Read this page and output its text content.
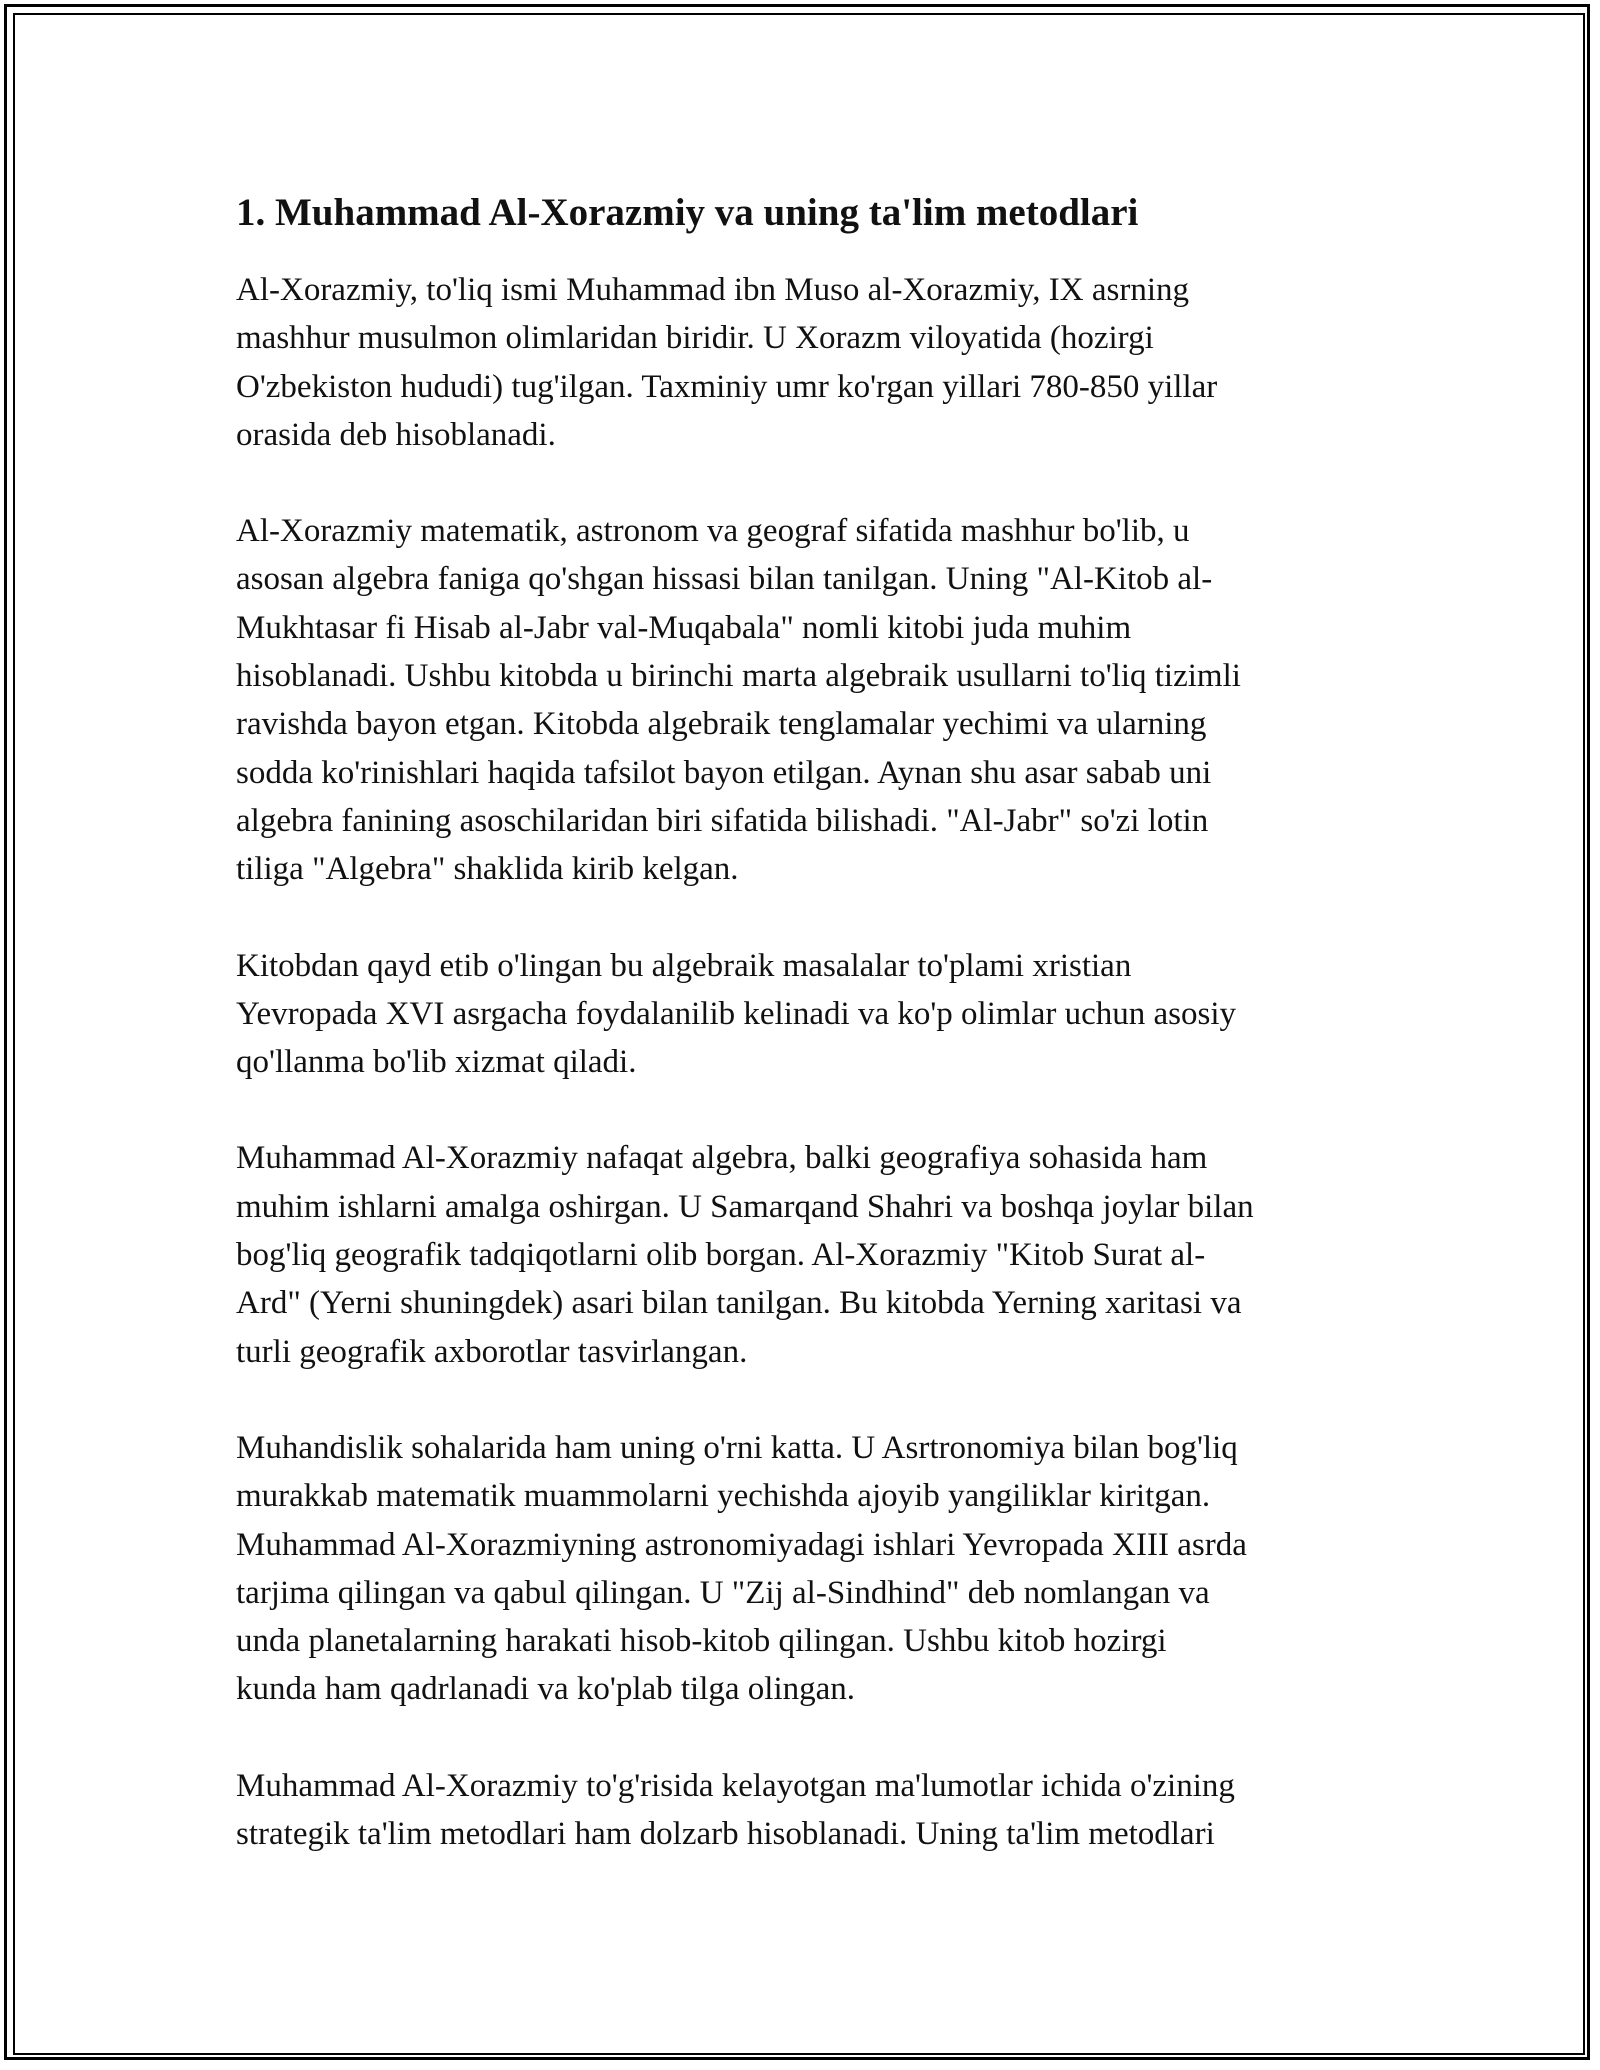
1. Muhammad Al-Xorazmiy va uning ta'lim metodlari

Al-Xorazmiy, to'liq ismi Muhammad ibn Muso al-Xorazmiy, IX asrning
mashhur musulmon olimlaridan biridir. U Xorazm viloyatida (hozirgi
O'zbekiston hududi) tug'ilgan. Taxminiy umr ko'rgan yillari 780-850 yillar
orasida deb hisoblanadi.

Al-Xorazmiy matematik, astronom va geograf sifatida mashhur bo'lib, u
asosan algebra faniga qo'shgan hissasi bilan tanilgan. Uning "Al-Kitob al-
Mukhtasar fi Hisab al-Jabr val-Muqabala" nomli kitobi juda muhim
hisoblanadi. Ushbu kitobda u birinchi marta algebraik usullarni to'liq tizimli
ravishda bayon etgan. Kitobda algebraik tenglamalar yechimi va ularning
sodda ko'rinishlari haqida tafsilot bayon etilgan. Aynan shu asar sabab uni
algebra fanining asoschilaridan biri sifatida bilishadi. "Al-Jabr" so'zi lotin
tiliga "Algebra" shaklida kirib kelgan.

Kitobdan qayd etib o'lingan bu algebraik masalalar to'plami xristian
Yevropada XVI asrgacha foydalanilib kelinadi va ko'p olimlar uchun asosiy
qo'llanma bo'lib xizmat qiladi.

Muhammad Al-Xorazmiy nafaqat algebra, balki geografiya sohasida ham
muhim ishlarni amalga oshirgan. U Samarqand Shahri va boshqa joylar bilan
bog'liq geografik tadqiqotlarni olib borgan. Al-Xorazmiy "Kitob Surat al-
Ard" (Yerni shuningdek) asari bilan tanilgan. Bu kitobda Yerning xaritasi va
turli geografik axborotlar tasvirlangan.

Muhandislik sohalarida ham uning o'rni katta. U Asrtronomiya bilan bog'liq
murakkab matematik muammolarni yechishda ajoyib yangiliklar kiritgan.
Muhammad Al-Xorazmiyning astronomiyadagi ishlari Yevropada XIII asrda
tarjima qilingan va qabul qilingan. U "Zij al-Sindhind" deb nomlangan va
unda planetalarning harakati hisob-kitob qilingan. Ushbu kitob hozirgi
kunda ham qadrlanadi va ko'plab tilga olingan.

Muhammad Al-Xorazmiy to'g'risida kelayotgan ma'lumotlar ichida o'zining
strategik ta'lim metodlari ham dolzarb hisoblanadi. Uning ta'lim metodlari
